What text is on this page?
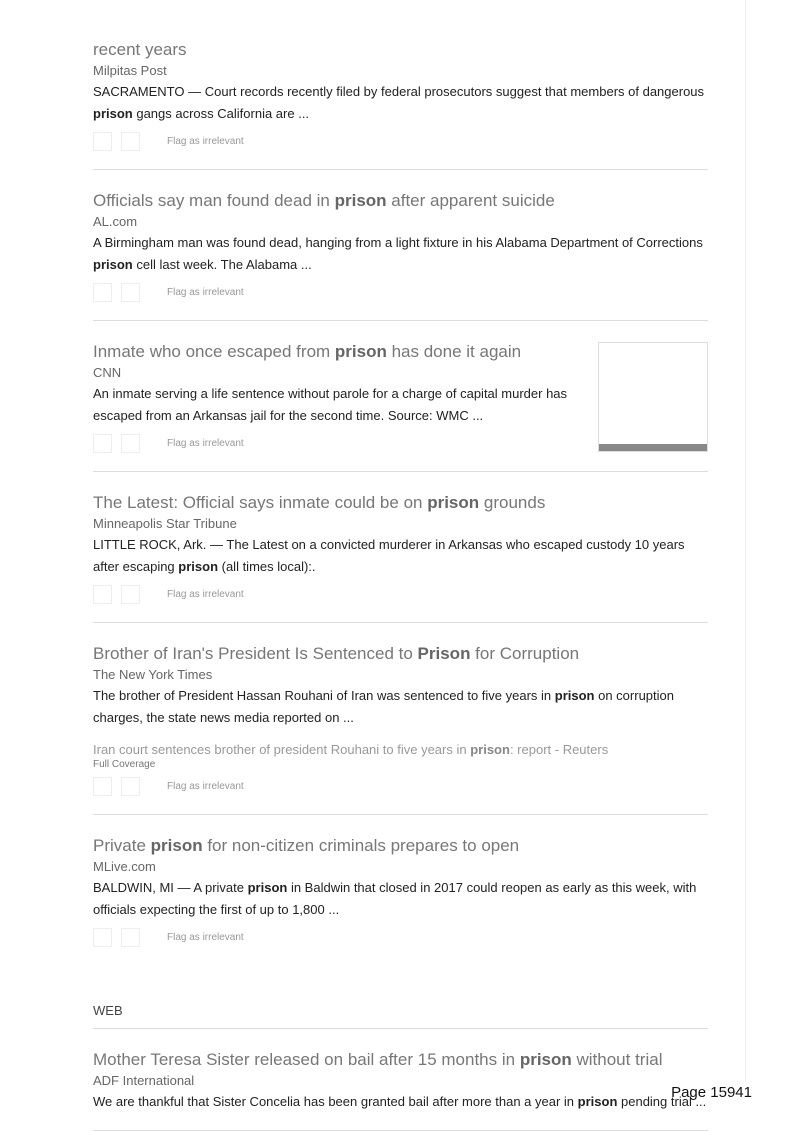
recent years
Milpitas Post
SACRAMENTO — Court records recently filed by federal prosecutors suggest that members of dangerous prison gangs across California are ...
Flag as irrelevant
Officials say man found dead in prison after apparent suicide
AL.com
A Birmingham man was found dead, hanging from a light fixture in his Alabama Department of Corrections prison cell last week. The Alabama ...
Flag as irrelevant
Inmate who once escaped from prison has done it again
CNN
An inmate serving a life sentence without parole for a charge of capital murder has escaped from an Arkansas jail for the second time. Source: WMC ...
Flag as irrelevant
The Latest: Official says inmate could be on prison grounds
Minneapolis Star Tribune
LITTLE ROCK, Ark. — The Latest on a convicted murderer in Arkansas who escaped custody 10 years after escaping prison (all times local):.
Flag as irrelevant
Brother of Iran's President Is Sentenced to Prison for Corruption
The New York Times
The brother of President Hassan Rouhani of Iran was sentenced to five years in prison on corruption charges, the state news media reported on ...
Iran court sentences brother of president Rouhani to five years in prison: report - Reuters
Full Coverage
Flag as irrelevant
Private prison for non-citizen criminals prepares to open
MLive.com
BALDWIN, MI — A private prison in Baldwin that closed in 2017 could reopen as early as this week, with officials expecting the first of up to 1,800 ...
Flag as irrelevant
WEB
Mother Teresa Sister released on bail after 15 months in prison without trial
ADF International
We are thankful that Sister Concelia has been granted bail after more than a year in prison pending trial ...
Page 15941
